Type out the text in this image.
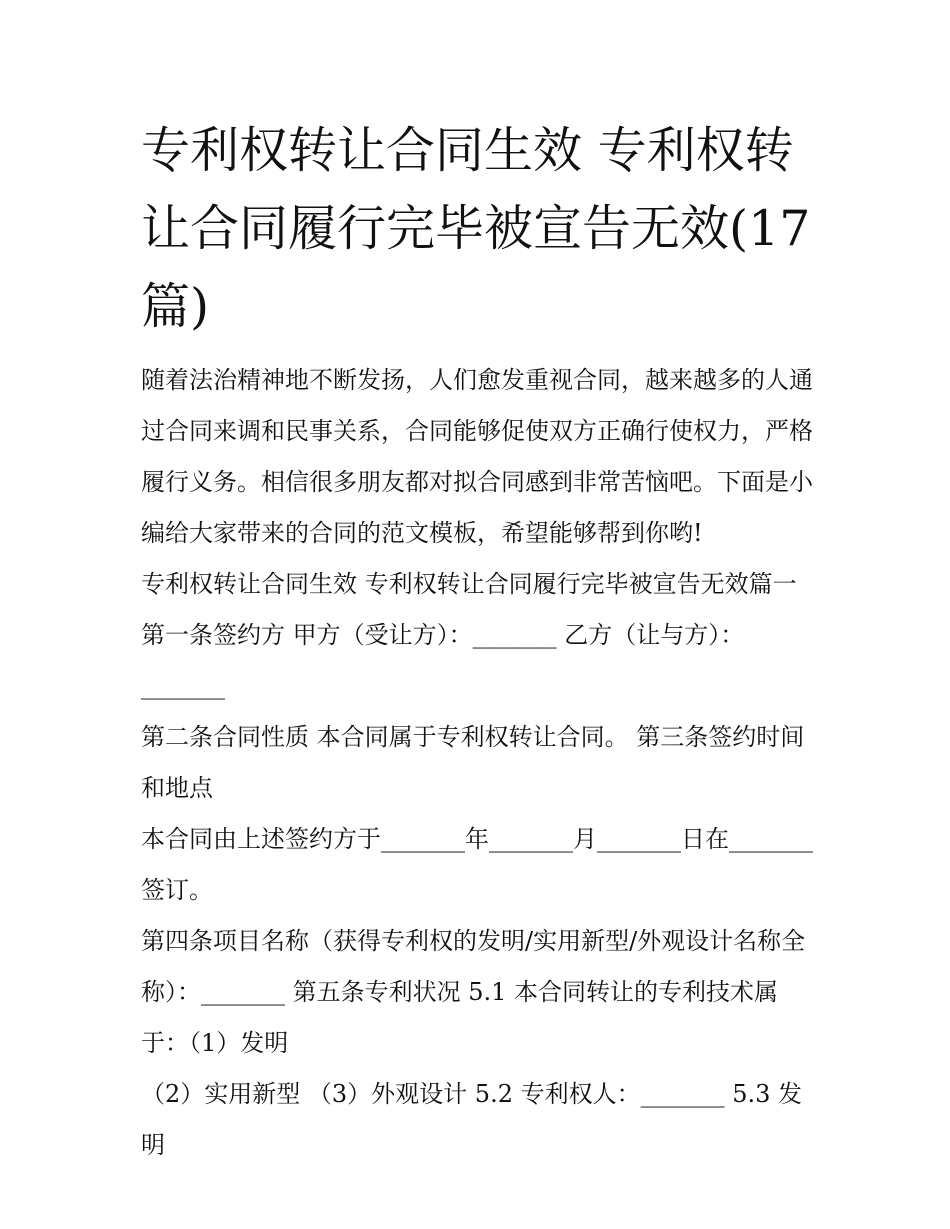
专利权转让合同生效 专利权转让合同履行完毕被宣告无效(17篇)

随着法治精神地不断发扬，人们愈发重视合同，越来越多的人通过合同来调和民事关系，合同能够促使双方正确行使权力，严格履行义务。相信很多朋友都对拟合同感到非常苦恼吧。下面是小编给大家带来的合同的范文模板，希望能够帮到你哟!

专利权转让合同生效 专利权转让合同履行完毕被宣告无效篇一 第一条签约方 甲方（受让方）：_______ 乙方（让与方）：_______

第二条合同性质 本合同属于专利权转让合同。 第三条签约时间和地点

本合同由上述签约方于_______年_______月_______日在_______签订。

第四条项目名称（获得专利权的发明/实用新型/外观设计名称全称）：_______ 第五条专利状况 5.1 本合同转让的专利技术属于：（1）发明

（2）实用新型 （3）外观设计 5.2 专利权人：_______ 5.3 发明
